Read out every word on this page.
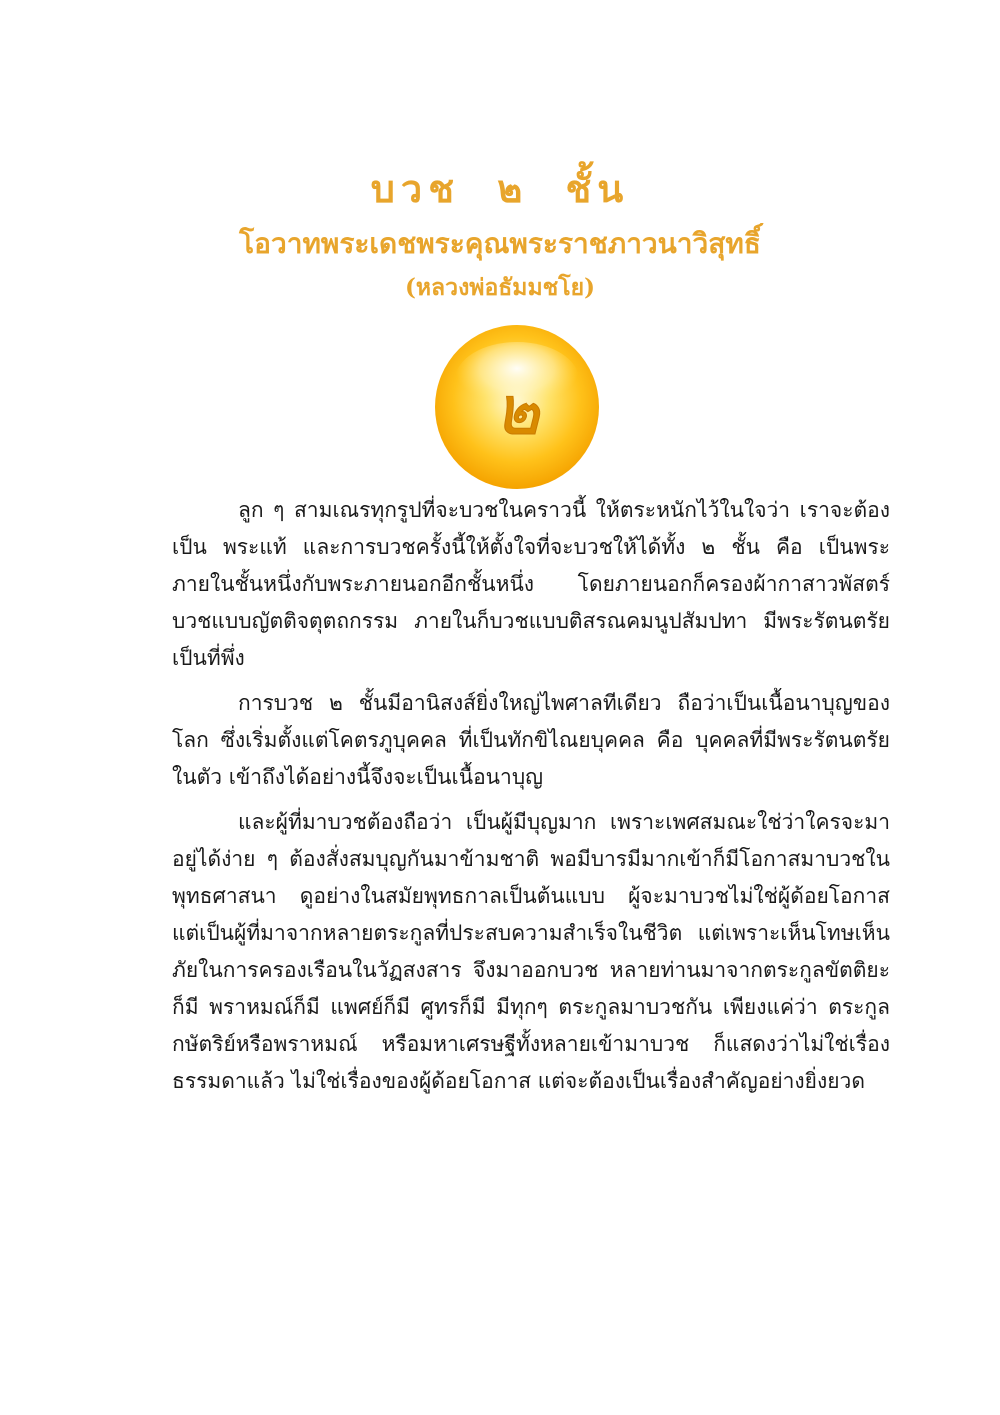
บวช ๒ ชั้น
โอวาทพระเดชพระคุณพระราชภาวนาวิสุทธิ์
(หลวงพ่อธัมมชโย)
๒

ลูก ๆ สามเณรทุกรูปที่จะบวชในคราวนี้ ให้ตระหนักไว้ในใจว่า เราจะต้องเป็น พระแท้ และการบวชครั้งนี้ให้ตั้งใจที่จะบวชให้ได้ทั้ง ๒ ชั้น คือ เป็นพระภายในชั้นหนึ่งกับพระภายนอกอีกชั้นหนึ่ง โดยภายนอกก็ครองผ้ากาสาวพัสตร์ บวชแบบญัตติจตุตถกรรม ภายในก็บวชแบบติสรณคมนูปสัมปทา มีพระรัตนตรัยเป็นที่พึ่ง

การบวช ๒ ชั้นมีอานิสงส์ยิ่งใหญ่ไพศาลทีเดียว ถือว่าเป็นเนื้อนาบุญของโลก ซึ่งเริ่มตั้งแต่โคตรภูบุคคล ที่เป็นทักขิไณยบุคคล คือ บุคคลที่มีพระรัตนตรัยในตัว เข้าถึงได้อย่างนี้จึงจะเป็นเนื้อนาบุญ

และผู้ที่มาบวชต้องถือว่า เป็นผู้มีบุญมาก เพราะเพศสมณะใช่ว่าใครจะมาอยู่ได้ง่าย ๆ ต้องสั่งสมบุญกันมาข้ามชาติ พอมีบารมีมากเข้าก็มีโอกาสมาบวชในพุทธศาสนา ดูอย่างในสมัยพุทธกาลเป็นต้นแบบ ผู้จะมาบวชไม่ใช่ผู้ด้อยโอกาส แต่เป็นผู้ที่มาจากหลายตระกูลที่ประสบความสำเร็จในชีวิต แต่เพราะเห็นโทษเห็นภัยในการครองเรือนในวัฏสงสาร จึงมาออกบวช หลายท่านมาจากตระกูลขัตติยะก็มี พราหมณ์ก็มี แพศย์ก็มี ศูทรก็มี มีทุกๆ ตระกูลมาบวชกัน เพียงแค่ว่า ตระกูลกษัตริย์หรือพราหมณ์ หรือมหาเศรษฐีทั้งหลายเข้ามาบวช ก็แสดงว่าไม่ใช่เรื่องธรรมดาแล้ว ไม่ใช่เรื่องของผู้ด้อยโอกาส แต่จะต้องเป็นเรื่องสำคัญอย่างยิ่งยวด
